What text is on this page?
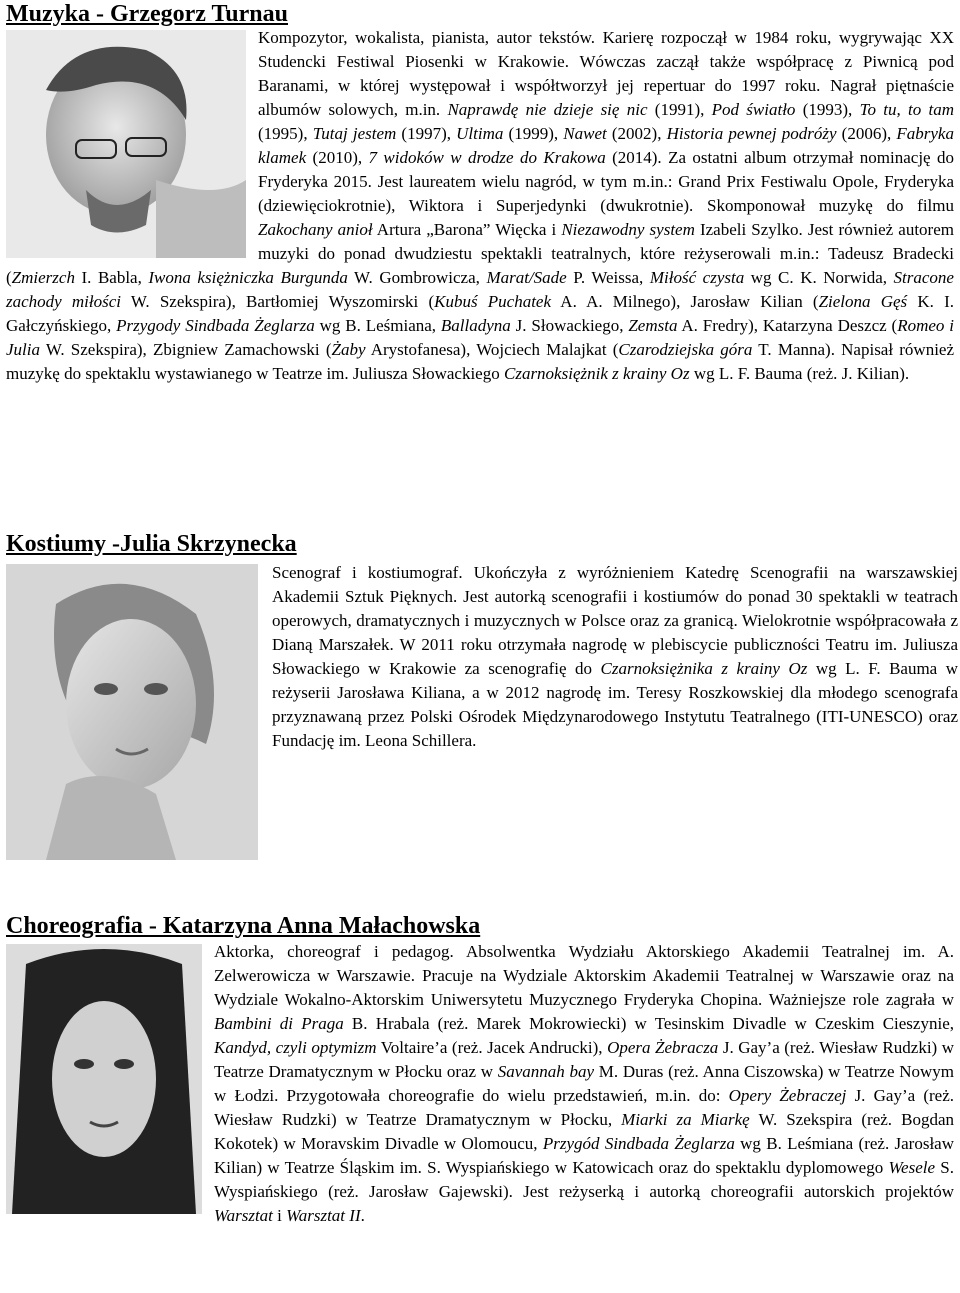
Muzyka - Grzegorz Turnau

Kompozytor, wokalista, pianista, autor tekstów. Karierę rozpoczął w 1984 roku, wygrywając XX Studencki Festiwal Piosenki w Krakowie. Wówczas zaczął także współpracę z Piwnicą pod Baranami, w której występował i współtworzył jej repertuar do 1997 roku. Nagrał piętnaście albumów solowych, m.in. Naprawdę nie dzieje się nic (1991), Pod światło (1993), To tu, to tam (1995), Tutaj jestem (1997), Ultima (1999), Nawet (2002), Historia pewnej podróży (2006), Fabryka klamek (2010), 7 widoków w drodze do Krakowa (2014). Za ostatni album otrzymał nominację do Fryderyka 2015. Jest laureatem wielu nagród, w tym m.in.: Grand Prix Festiwalu Opole, Fryderyka (dziewięciokrotnie), Wiktora i Superjedynki (dwukrotnie). Skomponował muzykę do filmu Zakochany anioł Artura „Barona” Więcka i Niezawodny system Izabeli Szylko. Jest również autorem muzyki do ponad dwudziestu spektakli teatralnych, które reżyserowali m.in.: Tadeusz Bradecki (Zmierzch I. Babla, Iwona księżniczka Burgunda W. Gombrowicza, Marat/Sade P. Weissa, Miłość czysta wg C. K. Norwida, Stracone zachody miłości W. Szekspira), Bartłomiej Wyszomirski (Kubuś Puchatek A. A. Milnego), Jarosław Kilian (Zielona Gęś K. I. Gałczyńskiego, Przygody Sindbada Żeglarza wg B. Leśmiana, Balladyna J. Słowackiego, Zemsta A. Fredry), Katarzyna Deszcz (Romeo i Julia W. Szekspira), Zbigniew Zamachowski (Żaby Arystofanesa), Wojciech Malajkat (Czarodziejska góra T. Manna). Napisał również muzykę do spektaklu wystawianego w Teatrze im. Juliusza Słowackiego Czarnoksiężnik z krainy Oz wg L. F. Bauma (reż. J. Kilian).

Kostiumy -Julia Skrzynecka

Scenograf i kostiumograf. Ukończyła z wyróżnieniem Katedrę Scenografii na warszawskiej Akademii Sztuk Pięknych. Jest autorką scenografii i kostiumów do ponad 30 spektakli w teatrach operowych, dramatycznych i muzycznych w Polsce oraz za granicą. Wielokrotnie współpracowała z Dianą Marszałek. W 2011 roku otrzymała nagrodę w plebiscycie publiczności Teatru im. Juliusza Słowackiego w Krakowie za scenografię do Czarnoksiężnika z krainy Oz wg L. F. Bauma w reżyserii Jarosława Kiliana, a w 2012 nagrodę im. Teresy Roszkowskiej dla młodego scenografa przyznawaną przez Polski Ośrodek Międzynarodowego Instytutu Teatralnego (ITI-UNESCO) oraz Fundację im. Leona Schillera.

Choreografia - Katarzyna Anna Małachowska

Aktorka, choreograf i pedagog. Absolwentka Wydziału Aktorskiego Akademii Teatralnej im. A. Zelwerowicza w Warszawie. Pracuje na Wydziale Aktorskim Akademii Teatralnej w Warszawie oraz na Wydziale Wokalno-Aktorskim Uniwersytetu Muzycznego Fryderyka Chopina. Ważniejsze role zagrała w Bambini di Praga B. Hrabala (reż. Marek Mokrowiecki) w Tesinskim Divadle w Czeskim Cieszynie, Kandyd, czyli optymizm Voltaire’a (reż. Jacek Andrucki), Opera Żebracza J. Gay’a (reż. Wiesław Rudzki) w Teatrze Dramatycznym w Płocku oraz w Savannah bay M. Duras (reż. Anna Ciszowska) w Teatrze Nowym w Łodzi. Przygotowała choreografie do wielu przedstawień, m.in. do: Opery Żebraczej J. Gay’a (reż. Wiesław Rudzki) w Teatrze Dramatycznym w Płocku, Miarki za Miarkę W. Szekspira (reż. Bogdan Kokotek) w Moravskim Divadle w Olomoucu, Przygód Sindbada Żeglarza wg B. Leśmiana (reż. Jarosław Kilian) w Teatrze Śląskim im. S. Wyspiańskiego w Katowicach oraz do spektaklu dyplomowego Wesele S. Wyspiańskiego (reż. Jarosław Gajewski). Jest reżyserką i autorką choreografii autorskich projektów Warsztat i Warsztat II.
